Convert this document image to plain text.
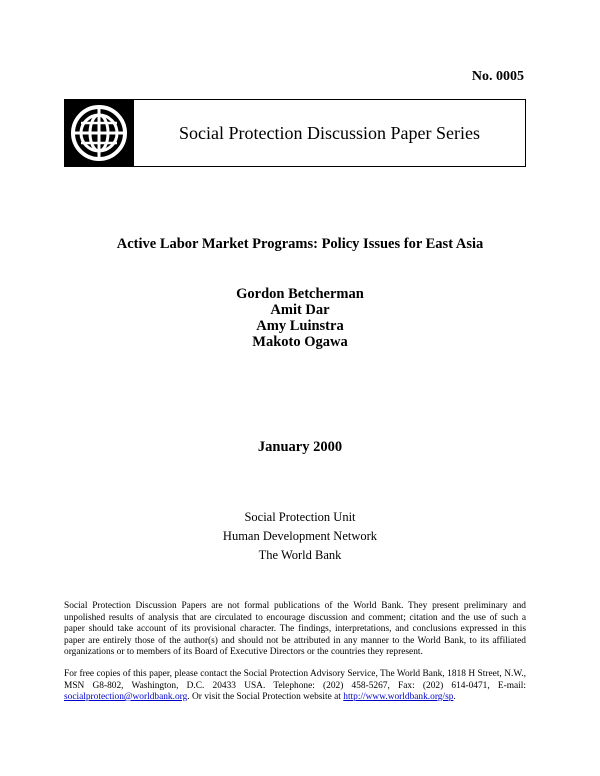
No. 0005
Social Protection Discussion Paper Series
Active Labor Market Programs: Policy Issues for East Asia
Gordon Betcherman
Amit Dar
Amy Luinstra
Makoto Ogawa
January 2000
Social Protection Unit
Human Development Network
The World Bank
Social Protection Discussion Papers are not formal publications of the World Bank. They present preliminary and unpolished results of analysis that are circulated to encourage discussion and comment; citation and the use of such a paper should take account of its provisional character. The findings, interpretations, and conclusions expressed in this paper are entirely those of the author(s) and should not be attributed in any manner to the World Bank, to its affiliated organizations or to members of its Board of Executive Directors or the countries they represent.
For free copies of this paper, please contact the Social Protection Advisory Service, The World Bank, 1818 H Street, N.W., MSN G8-802, Washington, D.C. 20433 USA. Telephone: (202) 458-5267, Fax: (202) 614-0471, E-mail: socialprotection@worldbank.org. Or visit the Social Protection website at http://www.worldbank.org/sp.
